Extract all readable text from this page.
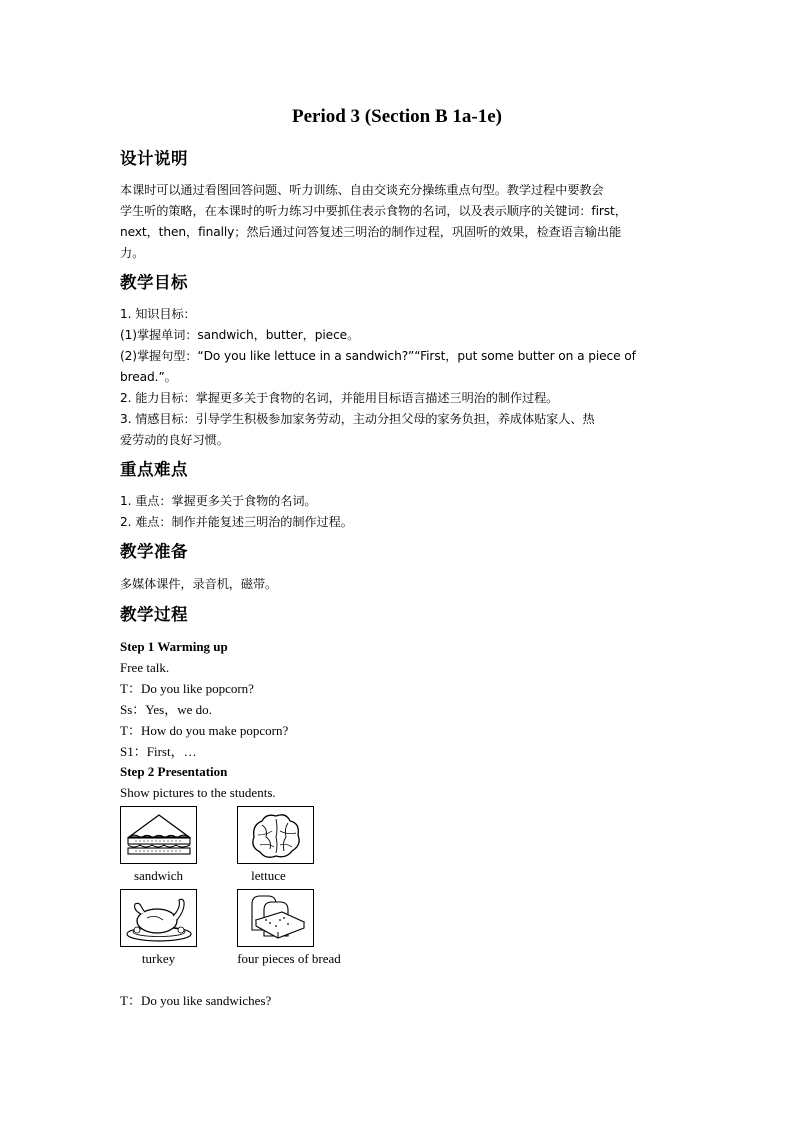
Period 3 (Section B 1a-1e)
设计说明
本课时可以通过看图回答问题、听力训练、自由交谈充分操练重点句型。教学过程中要教会
学生听的策略，在本课时的听力练习中要抓住表示食物的名词，以及表示顺序的关键词：first，
next，then，finally；然后通过问答复述三明治的制作过程，巩固听的效果，检查语言输出能
力。
教学目标
1. 知识目标：
(1)掌握单词：sandwich，butter，piece。
(2)掌握句型：“Do you like lettuce in a sandwich?”“First，put some butter on a piece of
bread.”。
2. 能力目标：掌握更多关于食物的名词，并能用目标语言描述三明治的制作过程。
3. 情感目标：引导学生积极参加家务劳动，主动分担父母的家务负担，养成体贴家人、热
爱劳动的良好习惯。
重点难点
1. 重点：掌握更多关于食物的名词。
2. 难点：制作并能复述三明治的制作过程。
教学准备
多媒体课件，录音机，磁带。
教学过程
Step 1 Warming up
Free talk.
T：Do you like popcorn?
Ss：Yes，we do.
T：How do you make popcorn?
S1：First，…
Step 2 Presentation
Show pictures to the students.
sandwich	lettuce
turkey	four pieces of bread
T：Do you like sandwiches?
